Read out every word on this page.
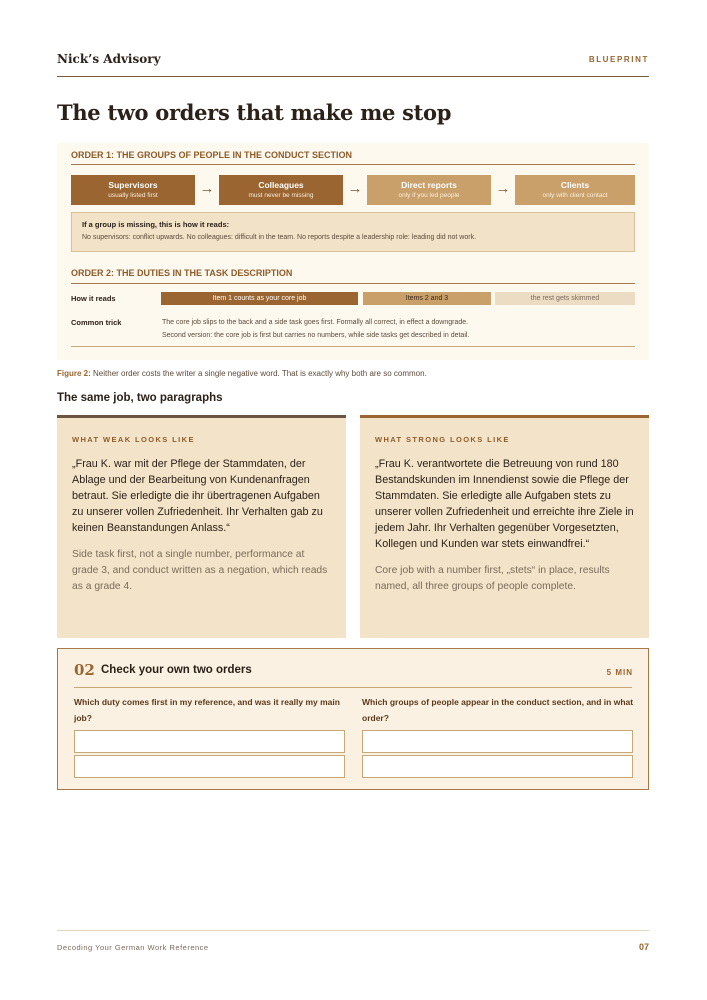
Nick’s Advisory	BLUEPRINT
The two orders that make me stop
ORDER 1: THE GROUPS OF PEOPLE IN THE CONDUCT SECTION
Supervisors
usually listed first	→	Colleagues
must never be missing	→	Direct reports
only if you led people	→	Clients
only with client contact
If a group is missing, this is how it reads:
No supervisors: conflict upwards. No colleagues: difficult in the team. No reports despite a leadership role: leading did not work.
ORDER 2: THE DUTIES IN THE TASK DESCRIPTION
How it reads	Item 1 counts as your core job	Items 2 and 3	the rest gets skimmed
Common trick	The core job slips to the back and a side task goes first. Formally all correct, in effect a downgrade.
Second version: the core job is first but carries no numbers, while side tasks get described in detail.
Figure 2: Neither order costs the writer a single negative word. That is exactly why both are so common.
The same job, two paragraphs
WHAT WEAK LOOKS LIKE
„Frau K. war mit der Pflege der Stammdaten, der Ablage und der Bearbeitung von Kundenanfragen betraut. Sie erledigte die ihr übertragenen Aufgaben zu unserer vollen Zufriedenheit. Ihr Verhalten gab zu keinen Beanstandungen Anlass.“
Side task first, not a single number, performance at grade 3, and conduct written as a negation, which reads as a grade 4.
WHAT STRONG LOOKS LIKE
„Frau K. verantwortete die Betreuung von rund 180 Bestandskunden im Innendienst sowie die Pflege der Stammdaten. Sie erledigte alle Aufgaben stets zu unserer vollen Zufriedenheit und erreichte ihre Ziele in jedem Jahr. Ihr Verhalten gegenüber Vorgesetzten, Kollegen und Kunden war stets einwandfrei.“
Core job with a number first, „stets“ in place, results named, all three groups of people complete.
02 Check your own two orders	5 MIN
Which duty comes first in my reference, and was it really my main job?
Which groups of people appear in the conduct section, and in what order?
Decoding Your German Work Reference	07
